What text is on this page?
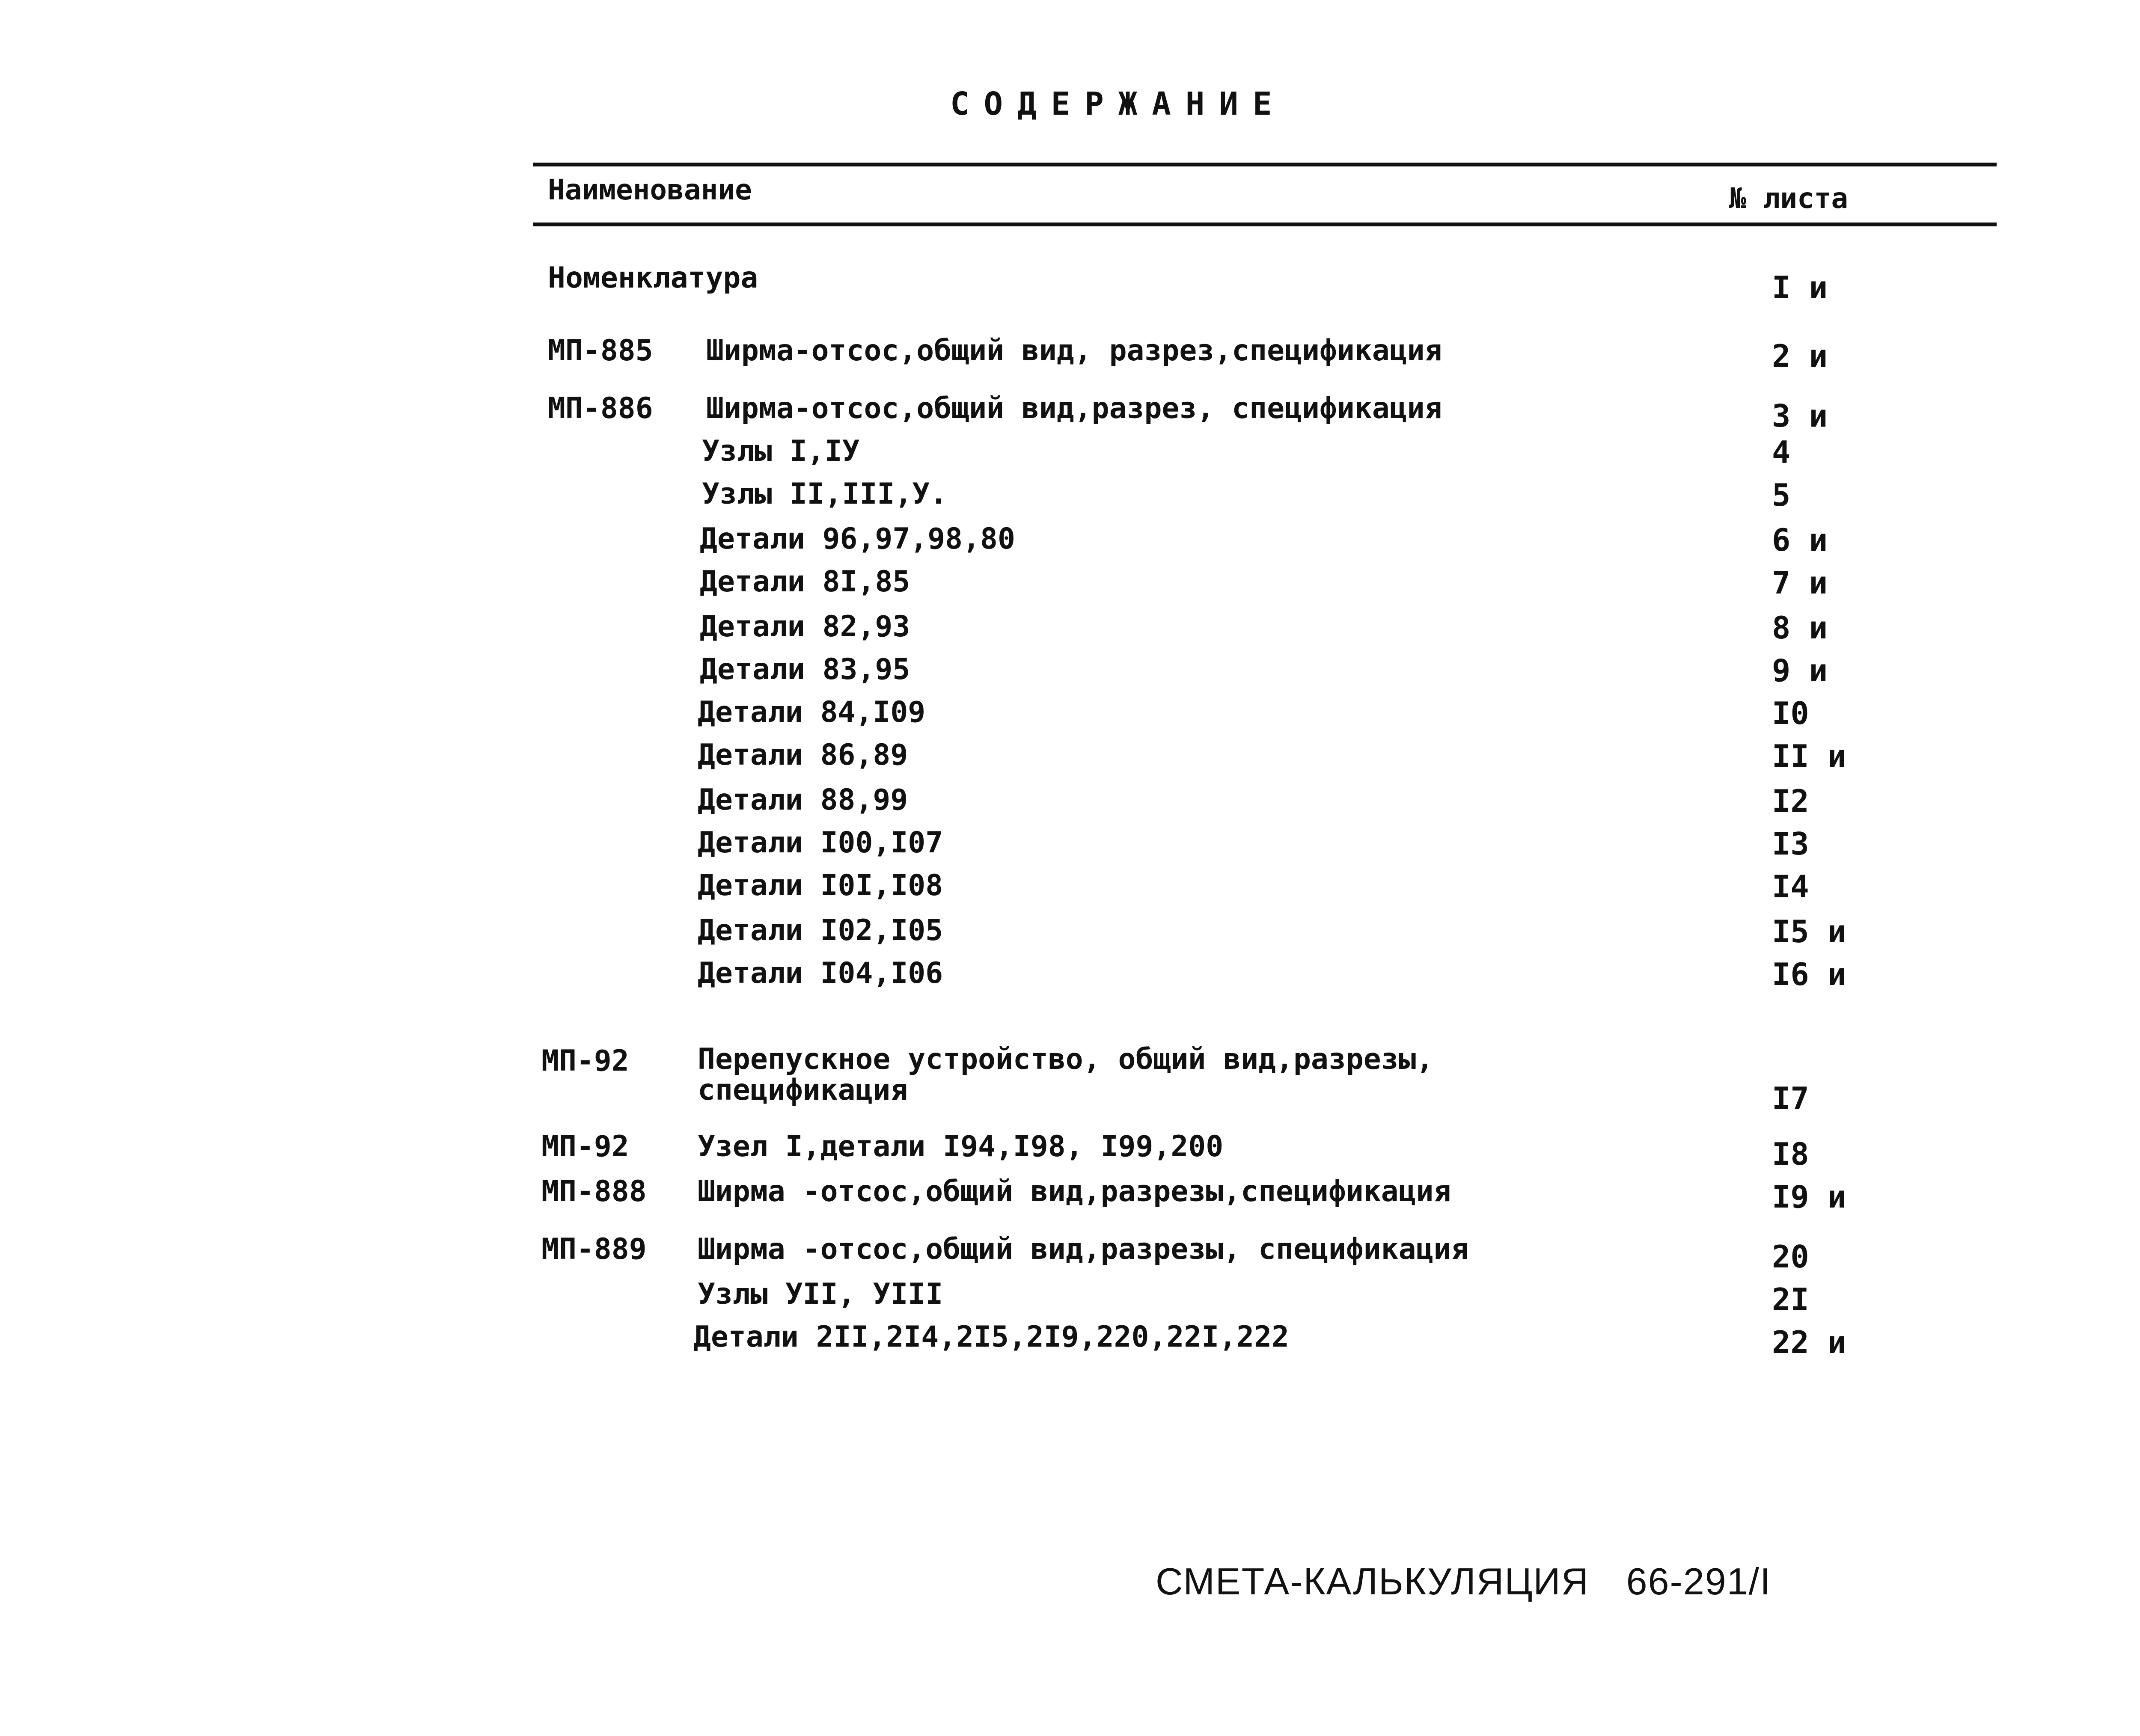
СОДЕРЖАНИЕ
Наименование	№ листа
Номенклатура	I и
МП-885 Ширма-отсос,общий вид, разрез,спецификация	2 и
МП-886 Ширма-отсос,общий вид,разрез, спецификация	3 и
Узлы I,IУ	4
Узлы II,III,У.	5
Детали 96,97,98,80	6 и
Детали 8I,85	7 и
Детали 82,93	8 и
Детали 83,95	9 и
Детали 84,I09	I0
Детали 86,89	II и
Детали 88,99	I2
Детали I00,I07	I3
Детали I0I,I08	I4
Детали I02,I05	I5 и
Детали I04,I06	I6 и
МП-92 Перепускное устройство, общий вид,разрезы, спецификация	I7
МП-92 Узел I,детали I94,I98, I99,200	I8
МП-888 Ширма -отсос,общий вид,разрезы,спецификация	I9 и
МП-889 Ширма -отсос,общий вид,разрезы, спецификация	20
Узлы УII, УIII	2I
Детали 2II,2I4,2I5,2I9,220,22I,222	22 и
СМЕТА-КАЛЬКУЛЯЦИЯ 66-291/I
